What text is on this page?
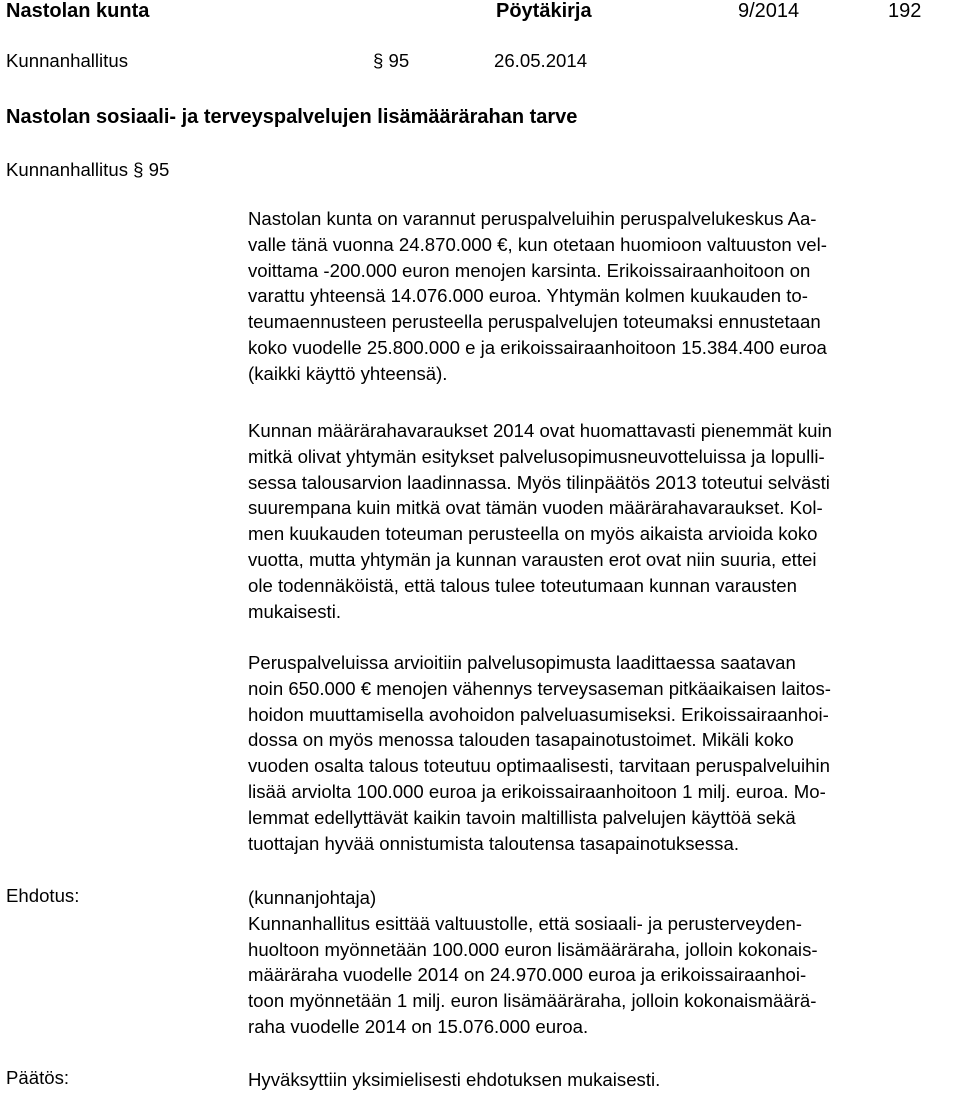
Nastolan kunta	Pöytäkirja	9/2014	192
Kunnanhallitus	§ 95	26.05.2014
Nastolan sosiaali- ja terveyspalvelujen lisämäärärahan tarve
Kunnanhallitus § 95

Nastolan kunta on varannut peruspalveluihin peruspalvelukeskus Aa-

valle tänä vuonna 24.870.000 €, kun otetaan huomioon valtuuston vel-

voittama -200.000 euron menojen karsinta. Erikoissairaanhoitoon on

varattu yhteensä 14.076.000 euroa. Yhtymän kolmen kuukauden to-

teumaennusteen perusteella peruspalvelujen toteumaksi ennustetaan

koko vuodelle 25.800.000 e ja erikoissairaanhoitoon 15.384.400 euroa

(kaikki käyttö yhteensä).

Kunnan määrärahavaraukset 2014 ovat huomattavasti pienemmät kuin

mitkä olivat yhtymän esitykset palvelusopimusneuvotteluissa ja lopulli-

sessa talousarvion laadinnassa. Myös tilinpäätös 2013 toteutui selvästi

suurempana kuin mitkä ovat tämän vuoden määrärahavaraukset. Kol-

men kuukauden toteuman perusteella on myös aikaista arvioida koko

vuotta, mutta yhtymän ja kunnan varausten erot ovat niin suuria, ettei

ole todennäköistä, että talous tulee toteutumaan kunnan varausten

mukaisesti.

Peruspalveluissa arvioitiin palvelusopimusta laadittaessa saatavan

noin 650.000 € menojen vähennys terveysaseman pitkäaikaisen laitos-

hoidon muuttamisella avohoidon palveluasumiseksi. Erikoissairaanhoi-

dossa on myös menossa talouden tasapainotustoimet. Mikäli koko

vuoden osalta talous toteutuu optimaalisesti, tarvitaan peruspalveluihin

lisää arviolta 100.000 euroa ja erikoissairaanhoitoon 1 milj. euroa. Mo-

lemmat edellyttävät kaikin tavoin maltillista palvelujen käyttöä sekä

tuottajan hyvää onnistumista taloutensa tasapainotuksessa.

Ehdotus:	(kunnanjohtaja)

Kunnanhallitus esittää valtuustolle, että sosiaali- ja perusterveyden-

huoltoon myönnetään 100.000 euron lisämääräraha, jolloin kokonais-

määräraha vuodelle 2014 on 24.970.000 euroa ja erikoissairaanhoi-

toon myönnetään 1 milj. euron lisämääräraha, jolloin kokonaismäärä-

raha vuodelle 2014 on 15.076.000 euroa.

Päätös:	Hyväksyttiin yksimielisesti ehdotuksen mukaisesti.
